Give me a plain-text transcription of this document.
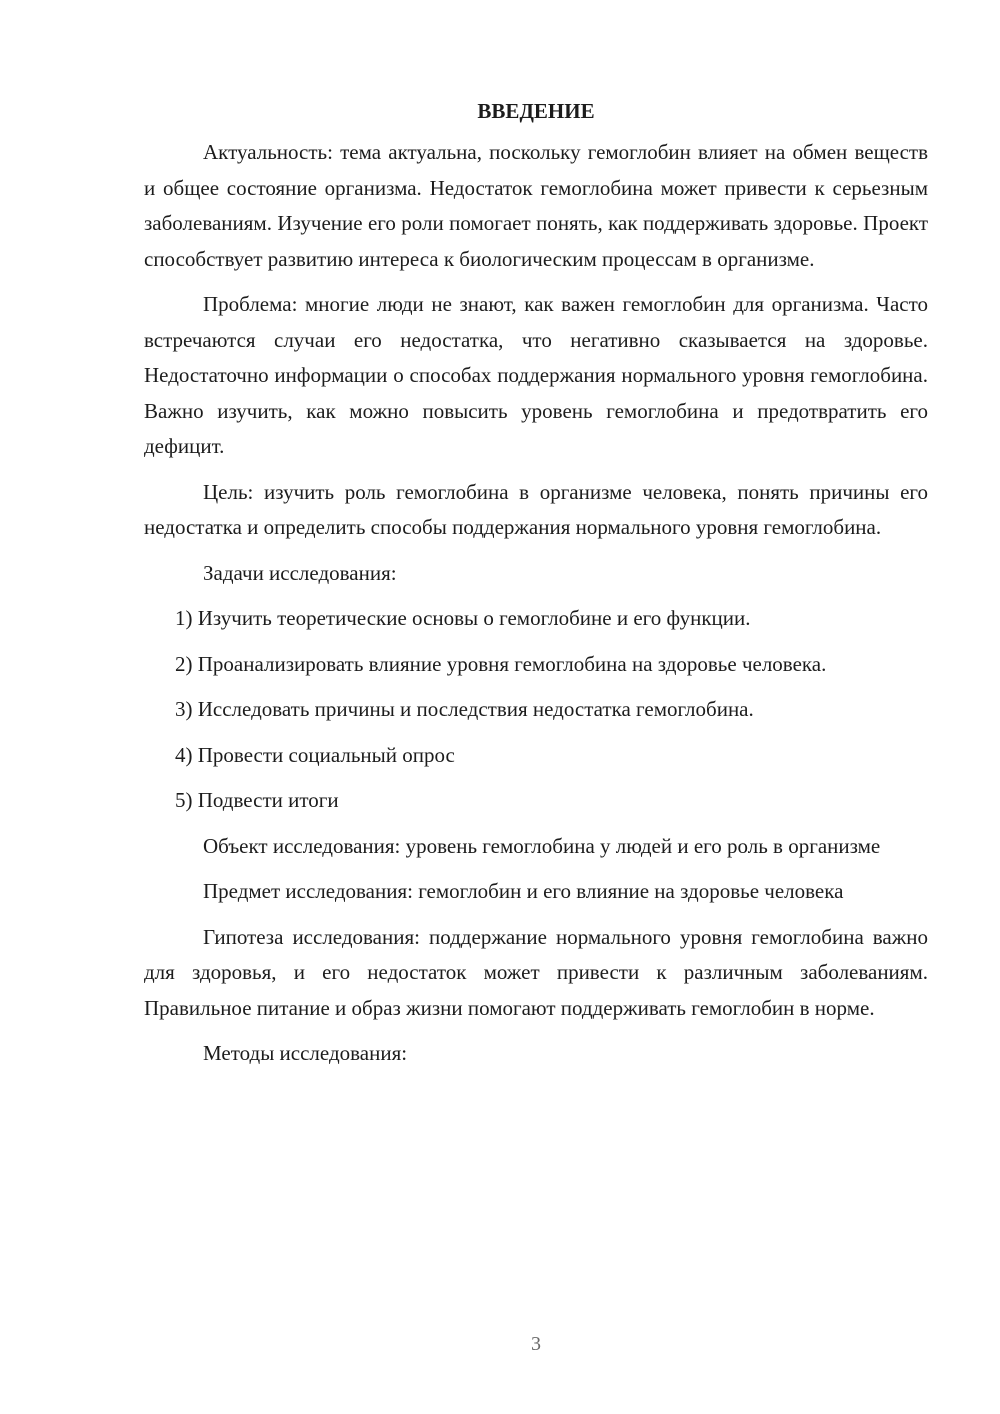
ВВЕДЕНИЕ

Актуальность: тема актуальна, поскольку гемоглобин влияет на обмен веществ и общее состояние организма. Недостаток гемоглобина может привести к серьезным заболеваниям. Изучение его роли помогает понять, как поддерживать здоровье. Проект способствует развитию интереса к биологическим процессам в организме.

Проблема: многие люди не знают, как важен гемоглобин для организма. Часто встречаются случаи его недостатка, что негативно сказывается на здоровье. Недостаточно информации о способах поддержания нормального уровня гемоглобина. Важно изучить, как можно повысить уровень гемоглобина и предотвратить его дефицит.

Цель: изучить роль гемоглобина в организме человека, понять причины его недостатка и определить способы поддержания нормального уровня гемоглобина.

Задачи исследования:

1) Изучить теоретические основы о гемоглобине и его функции.

2) Проанализировать влияние уровня гемоглобина на здоровье человека.

3) Исследовать причины и последствия недостатка гемоглобина.

4) Провести социальный опрос

5) Подвести итоги

Объект исследования: уровень гемоглобина у людей и его роль в организме

Предмет исследования: гемоглобин и его влияние на здоровье человека

Гипотеза исследования: поддержание нормального уровня гемоглобина важно для здоровья, и его недостаток может привести к различным заболеваниям. Правильное питание и образ жизни помогают поддерживать гемоглобин в норме.

Методы исследования:

3
